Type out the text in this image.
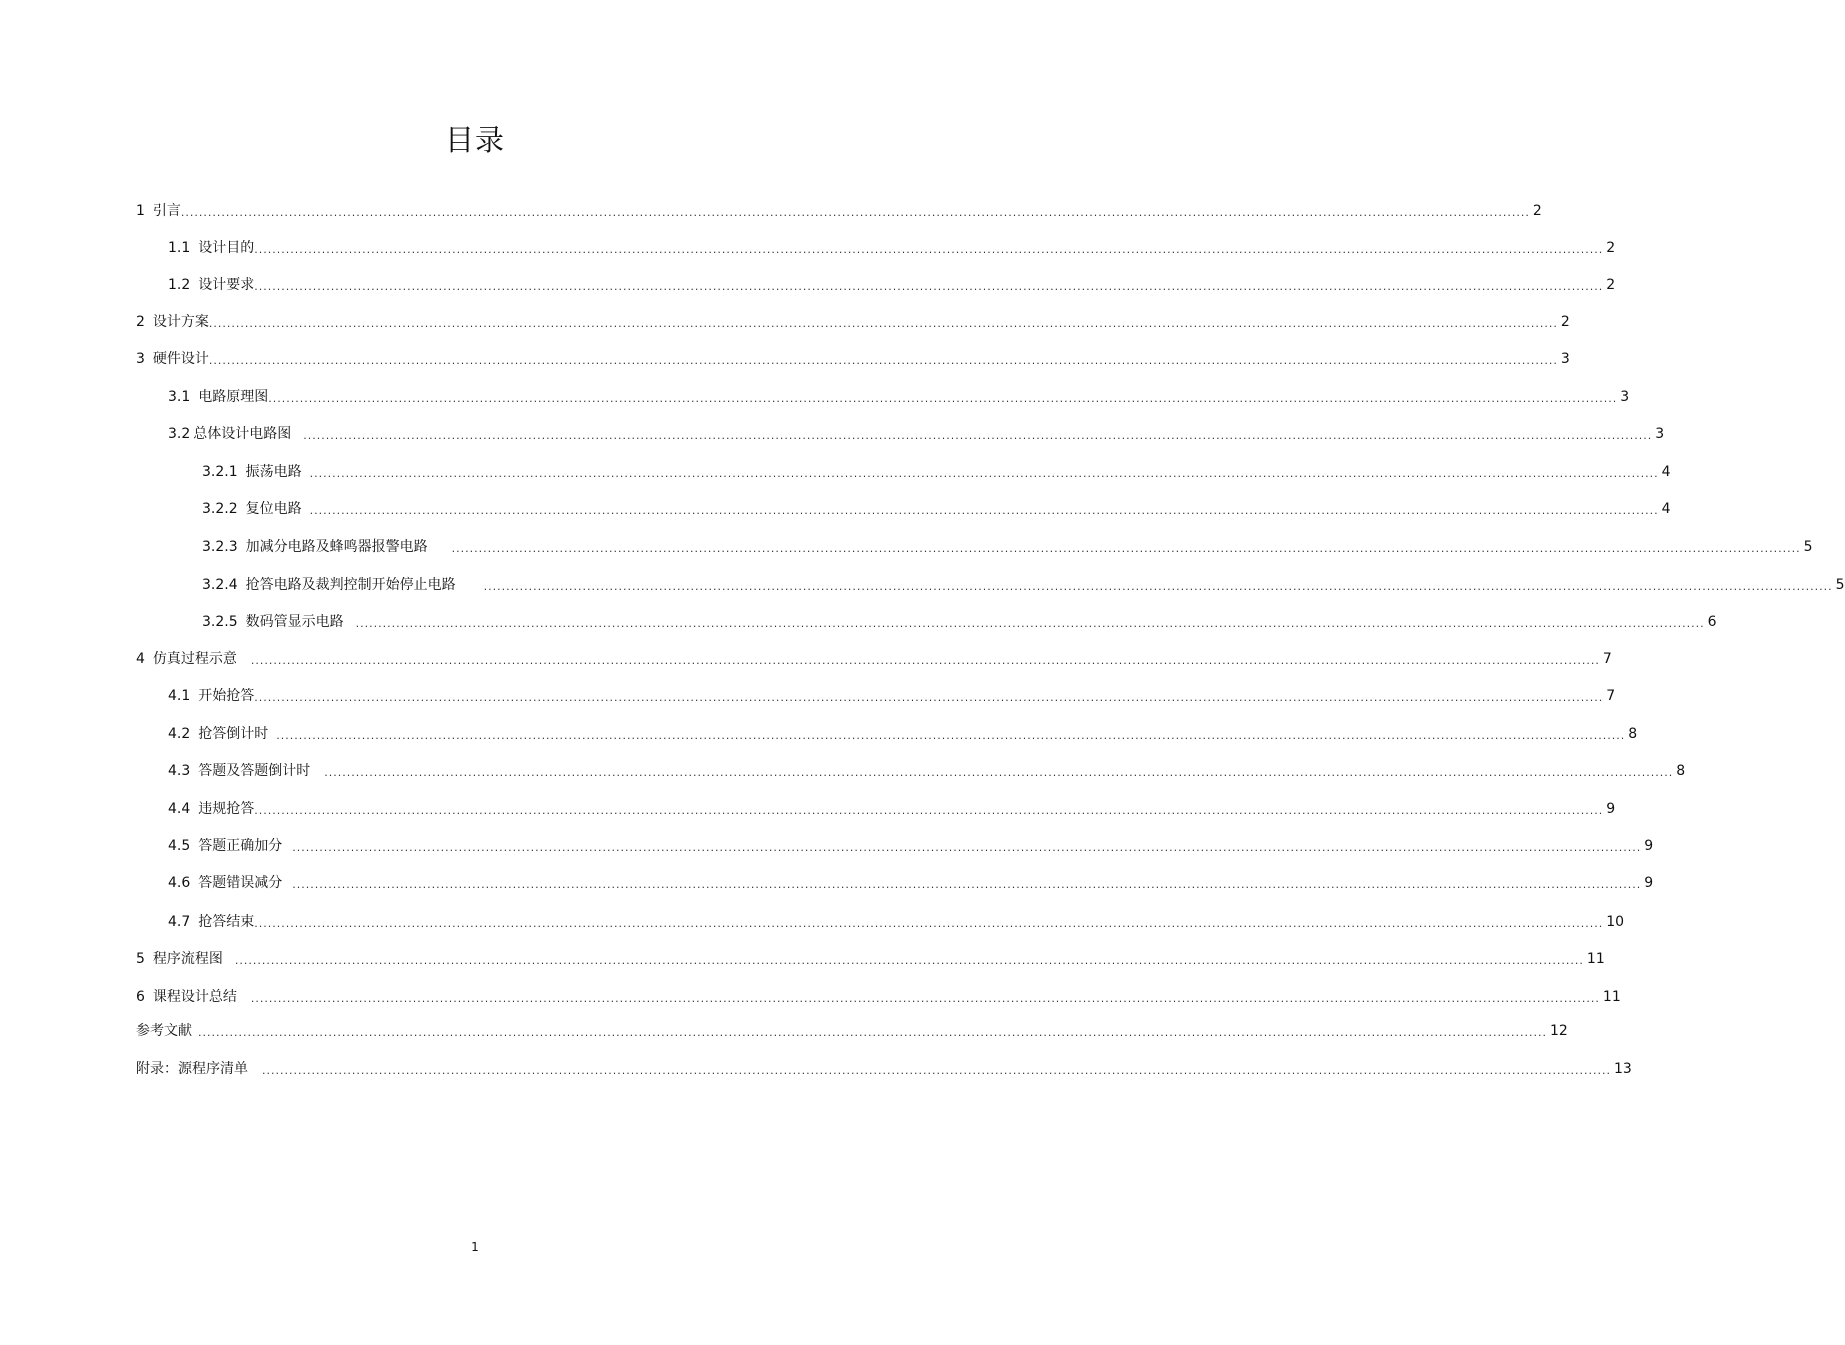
目录
1 引言 ............................................................................................................................................................................................................................................................................................................ 2
1.1 设计目的 ............................................................................................................................................................................................................................................................................................................ 2
1.2 设计要求 ............................................................................................................................................................................................................................................................................................................ 2
2 设计方案 ............................................................................................................................................................................................................................................................................................................ 2
3 硬件设计 ............................................................................................................................................................................................................................................................................................................ 3
3.1 电路原理图 ............................................................................................................................................................................................................................................................................................................ 3
3.2 总体设计电路图 ............................................................................................................................................................................................................................................................................................................ 3
3.2.1 振荡电路 ............................................................................................................................................................................................................................................................................................................ 4
3.2.2 复位电路 ............................................................................................................................................................................................................................................................................................................ 4
3.2.3 加减分电路及蜂鸣器报警电路 ............................................................................................................................................................................................................................................................................................................ 5
3.2.4 抢答电路及裁判控制开始停止电路	............................................................................................................................................................................................................................................................................................................ 5
3.2.5 数码管显示电路 ............................................................................................................................................................................................................................................................................................................ 6
4 仿真过程示意 ............................................................................................................................................................................................................................................................................................................ 7
4.1 开始抢答 ............................................................................................................................................................................................................................................................................................................ 7
4.2 抢答倒计时 ............................................................................................................................................................................................................................................................................................................ 8
4.3 答题及答题倒计时 ............................................................................................................................................................................................................................................................................................................ 8
4.4 违规抢答 ............................................................................................................................................................................................................................................................................................................ 9
4.5 答题正确加分 ............................................................................................................................................................................................................................................................................................................ 9
4.6 答题错误减分 ............................................................................................................................................................................................................................................................................................................ 9
4.7 抢答结束 ............................................................................................................................................................................................................................................................................................................ 10
5 程序流程图 ............................................................................................................................................................................................................................................................................................................ 11
6 课程设计总结 ............................................................................................................................................................................................................................................................................................................ 11
参考文献 ............................................................................................................................................................................................................................................................................................................ 12
附录：源程序清单 ............................................................................................................................................................................................................................................................................................................ 13
1
